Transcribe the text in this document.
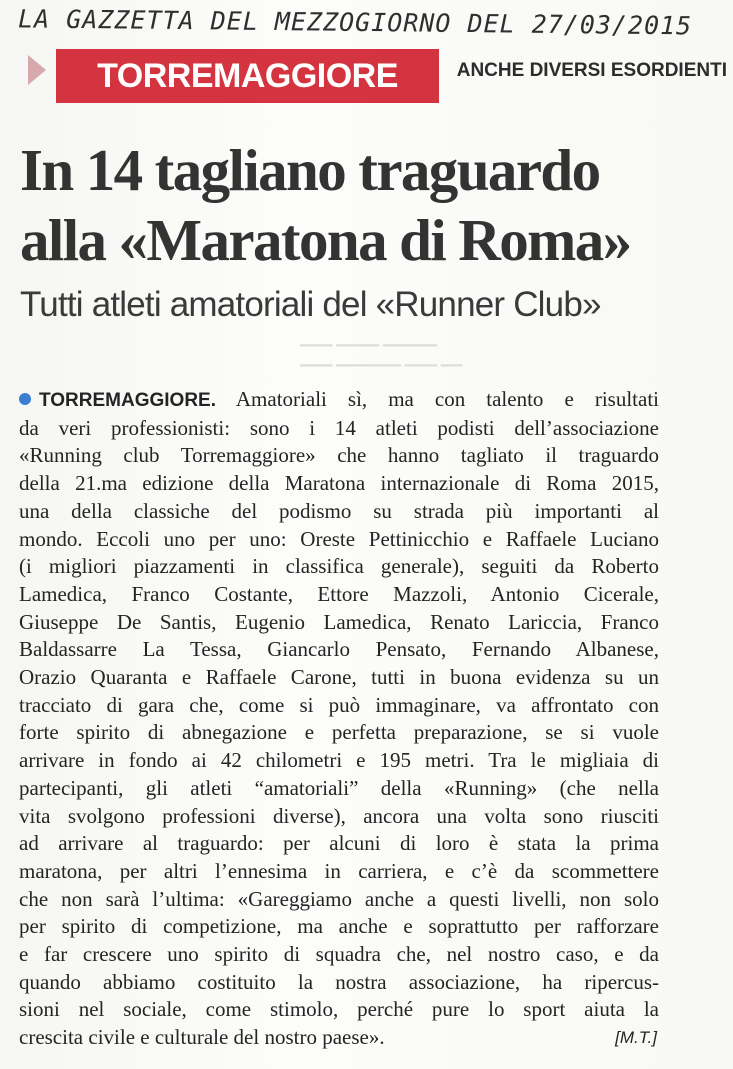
▁▁▁ ▁▁▁▁ ▁▁▁▁▁
▁▁▁ ▁▁▁▁▁▁ ▁▁▁ ▁▁
LA GAZZETTA DEL MEZZOGIORNO DEL 27/03/2015
TORREMAGGIORE	ANCHE DIVERSI ESORDIENTI
In 14 tagliano traguardo
alla «Maratona di Roma»
Tutti atleti amatoriali del «Runner Club»
TORREMAGGIORE. Amatoriali sì, ma con talento e risultati
da veri professionisti: sono i 14 atleti podisti dell’associazione
«Running club Torremaggiore» che hanno tagliato il traguardo
della 21.ma edizione della Maratona internazionale di Roma 2015,
una della classiche del podismo su strada più importanti al
mondo. Eccoli uno per uno: Oreste Pettinicchio e Raffaele Luciano
(i migliori piazzamenti in classifica generale), seguiti da Roberto
Lamedica, Franco Costante, Ettore Mazzoli, Antonio Cicerale,
Giuseppe De Santis, Eugenio Lamedica, Renato Lariccia, Franco
Baldassarre La Tessa, Giancarlo Pensato, Fernando Albanese,
Orazio Quaranta e Raffaele Carone, tutti in buona evidenza su un
tracciato di gara che, come si può immaginare, va affrontato con
forte spirito di abnegazione e perfetta preparazione, se si vuole
arrivare in fondo ai 42 chilometri e 195 metri. Tra le migliaia di
partecipanti, gli atleti “amatoriali” della «Running» (che nella
vita svolgono professioni diverse), ancora una volta sono riusciti
ad arrivare al traguardo: per alcuni di loro è stata la prima
maratona, per altri l’ennesima in carriera, e c’è da scommettere
che non sarà l’ultima: «Gareggiamo anche a questi livelli, non solo
per spirito di competizione, ma anche e soprattutto per rafforzare
e far crescere uno spirito di squadra che, nel nostro caso, e da
quando abbiamo costituito la nostra associazione, ha ripercus-
sioni nel sociale, come stimolo, perché pure lo sport aiuta la
crescita civile e culturale del nostro paese».	[M.T.]
